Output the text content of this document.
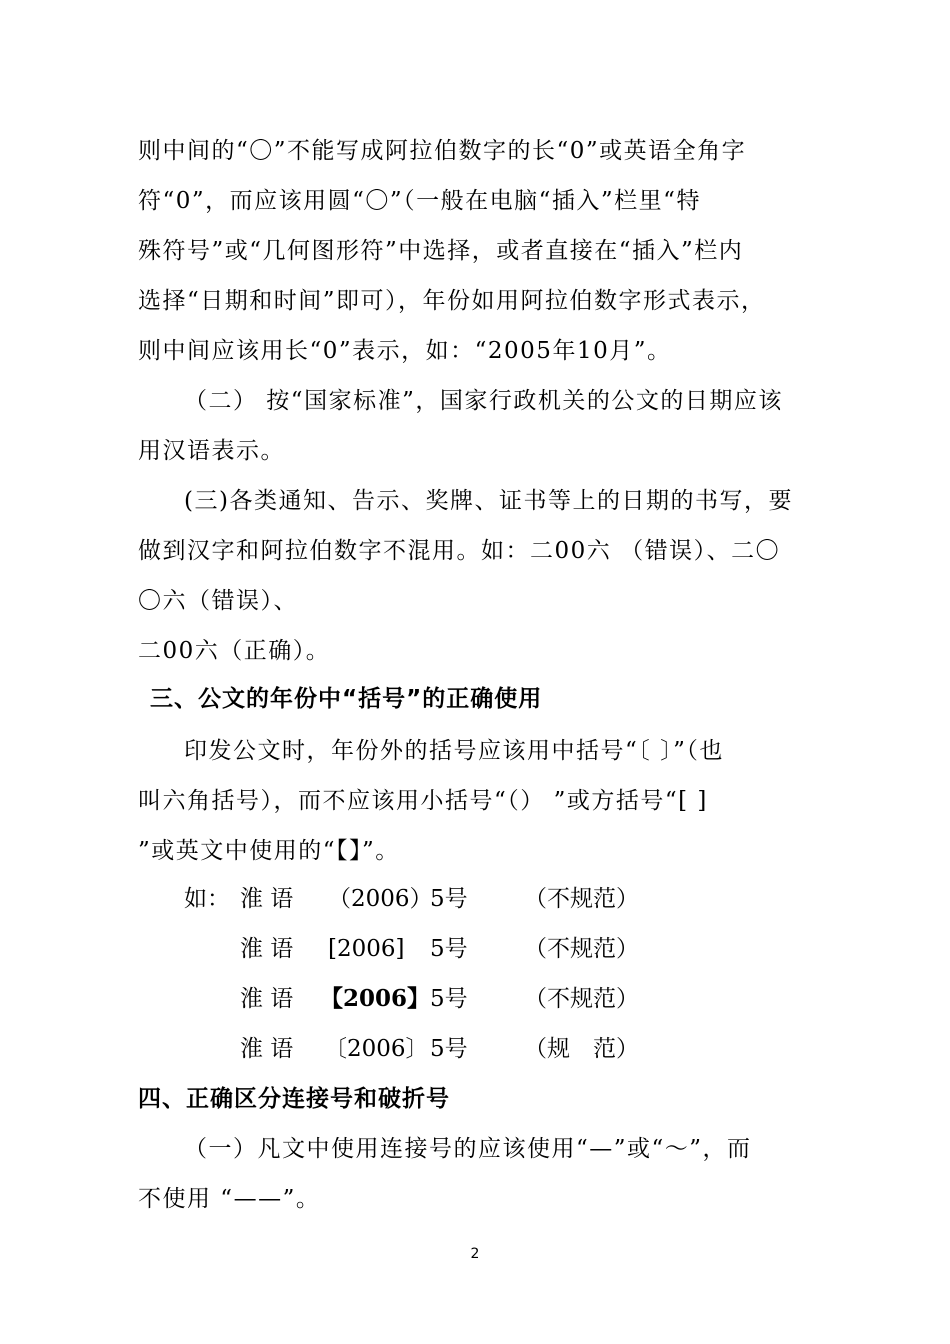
则中间的“〇”不能写成阿拉伯数字的长“0”或英语全角字
符“0”，而应该用圆“〇”（一般在电脑“插入”栏里“特
殊符号”或“几何图形符”中选择，或者直接在“插入”栏内
选择“日期和时间”即可），年份如用阿拉伯数字形式表示，
则中间应该用长“0”表示，如：“2005年10月”。
（二） 按“国家标准”，国家行政机关的公文的日期应该
用汉语表示。
(三)各类通知、告示、奖牌、证书等上的日期的书写，要
做到汉字和阿拉伯数字不混用。如：二00六 （错误）、二〇
〇六（错误）、
二00六（正确）。
三、公文的年份中“括号”的正确使用
印发公文时，年份外的括号应该用中括号“〔 〕”（也
叫六角括号），而不应该用小括号“（） ”或方括号“[ ]
”或英文中使用的“【】”。
如： 淮 语 （2006）
5号 （不规范）
淮 语 [2006] 5号 （不规范）
淮 语 【2006】 5号 （不规范）
淮 语 〔2006〕 5号 （规　范）
四、正确区分连接号和破折号
（一）凡文中使用连接号的应该使用“—”或“～”，而
不使用 “——”。
2
